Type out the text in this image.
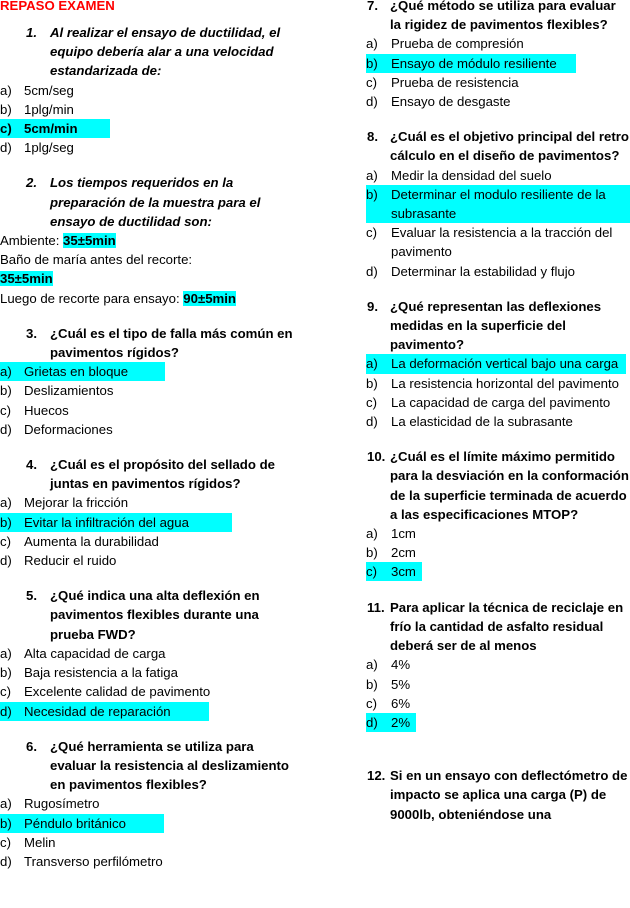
REPASO EXAMEN
1. Al realizar el ensayo de ductilidad, el equipo debería alar a una velocidad estandarizada de:
a) 5cm/seg
b) 1plg/min
c) 5cm/min
d) 1plg/seg
2. Los tiempos requeridos en la preparación de la muestra para el ensayo de ductilidad son:
Ambiente: 35±5min
Baño de maría antes del recorte:
35±5min
Luego de recorte para ensayo: 90±5min
3. ¿Cuál es el tipo de falla más común en pavimentos rígidos?
a) Grietas en bloque
b) Deslizamientos
c) Huecos
d) Deformaciones
4. ¿Cuál es el propósito del sellado de juntas en pavimentos rígidos?
a) Mejorar la fricción
b) Evitar la infiltración del agua
c) Aumenta la durabilidad
d) Reducir el ruido
5. ¿Qué indica una alta deflexión en pavimentos flexibles durante una prueba FWD?
a) Alta capacidad de carga
b) Baja resistencia a la fatiga
c) Excelente calidad de pavimento
d) Necesidad de reparación
6. ¿Qué herramienta se utiliza para evaluar la resistencia al deslizamiento en pavimentos flexibles?
a) Rugosímetro
b) Péndulo británico
c) Melin
d) Transverso perfilómetro
7. ¿Qué método se utiliza para evaluar la rigidez de pavimentos flexibles?
a) Prueba de compresión
b) Ensayo de módulo resiliente
c) Prueba de resistencia
d) Ensayo de desgaste
8. ¿Cuál es el objetivo principal del retro cálculo en el diseño de pavimentos?
a) Medir la densidad del suelo
b) Determinar el modulo resiliente de la subrasante
c) Evaluar la resistencia a la tracción del pavimento
d) Determinar la estabilidad y flujo
9. ¿Qué representan las deflexiones medidas en la superficie del pavimento?
a) La deformación vertical bajo una carga
b) La resistencia horizontal del pavimento
c) La capacidad de carga del pavimento
d) La elasticidad de la subrasante
10. ¿Cuál es el límite máximo permitido para la desviación en la conformación de la superficie terminada de acuerdo a las especificaciones MTOP?
a) 1cm
b) 2cm
c) 3cm
11. Para aplicar la técnica de reciclaje en frío la cantidad de asfalto residual deberá ser de al menos
a) 4%
b) 5%
c) 6%
d) 2%
12. Si en un ensayo con deflectómetro de impacto se aplica una carga (P) de 9000lb, obteniéndose una
